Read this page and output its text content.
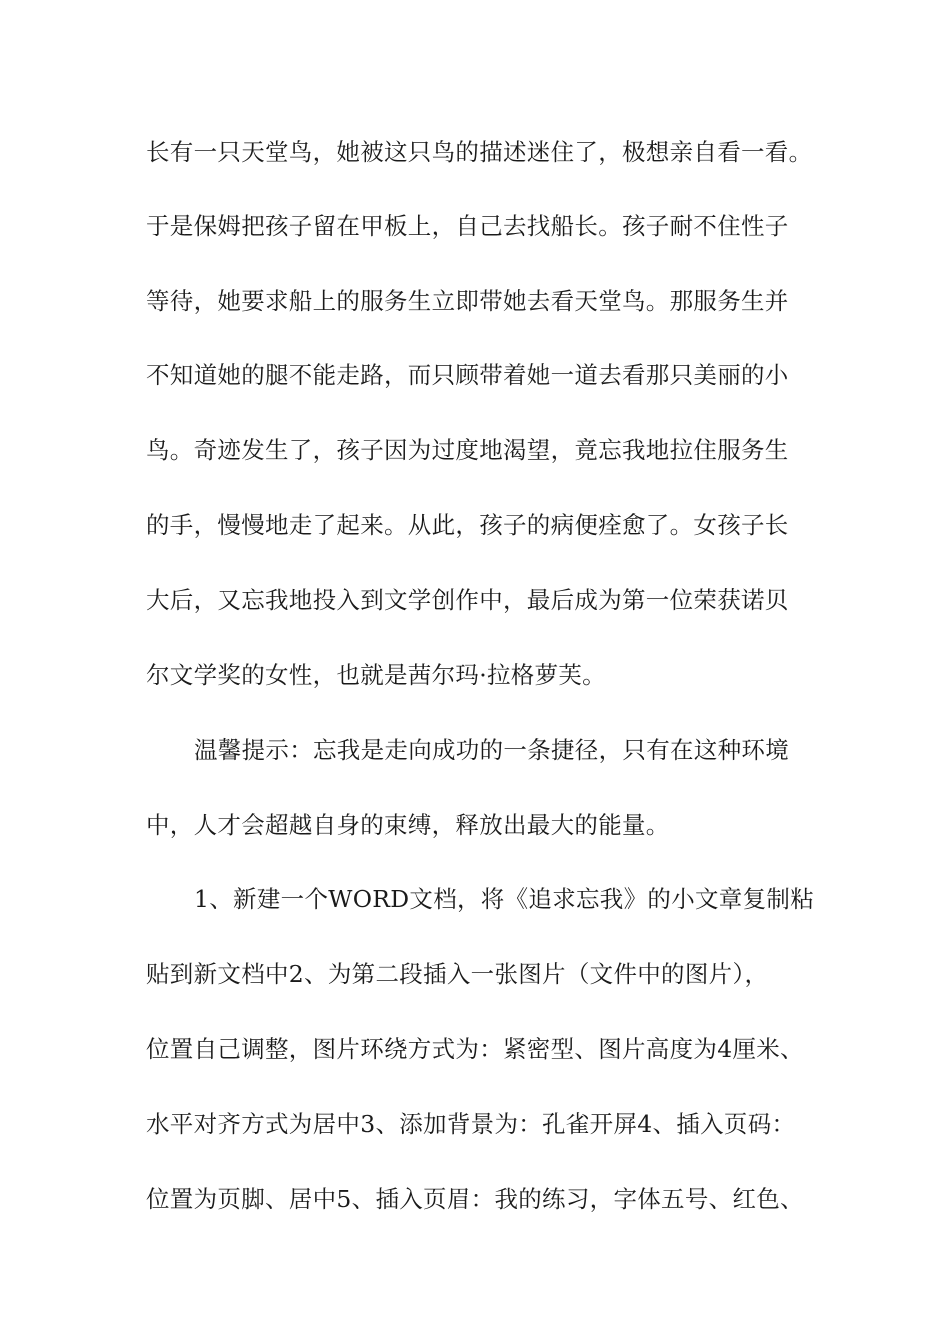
长有一只天堂鸟，她被这只鸟的描述迷住了，极想亲自看一看。
于是保姆把孩子留在甲板上，自己去找船长。孩子耐不住性子
等待，她要求船上的服务生立即带她去看天堂鸟。那服务生并
不知道她的腿不能走路，而只顾带着她一道去看那只美丽的小
鸟。奇迹发生了，孩子因为过度地渴望，竟忘我地拉住服务生
的手，慢慢地走了起来。从此，孩子的病便痊愈了。女孩子长
大后，又忘我地投入到文学创作中，最后成为第一位荣获诺贝
尔文学奖的女性，也就是茜尔玛·拉格萝芙。
温馨提示：忘我是走向成功的一条捷径，只有在这种环境
中，人才会超越自身的束缚，释放出最大的能量。
1、新建一个WORD文档，将《追求忘我》的小文章复制粘
贴到新文档中2、为第二段插入一张图片（文件中的图片），
位置自己调整，图片环绕方式为：紧密型、图片高度为4厘米、
水平对齐方式为居中3、添加背景为：孔雀开屏4、插入页码：
位置为页脚、居中5、插入页眉：我的练习，字体五号、红色、
